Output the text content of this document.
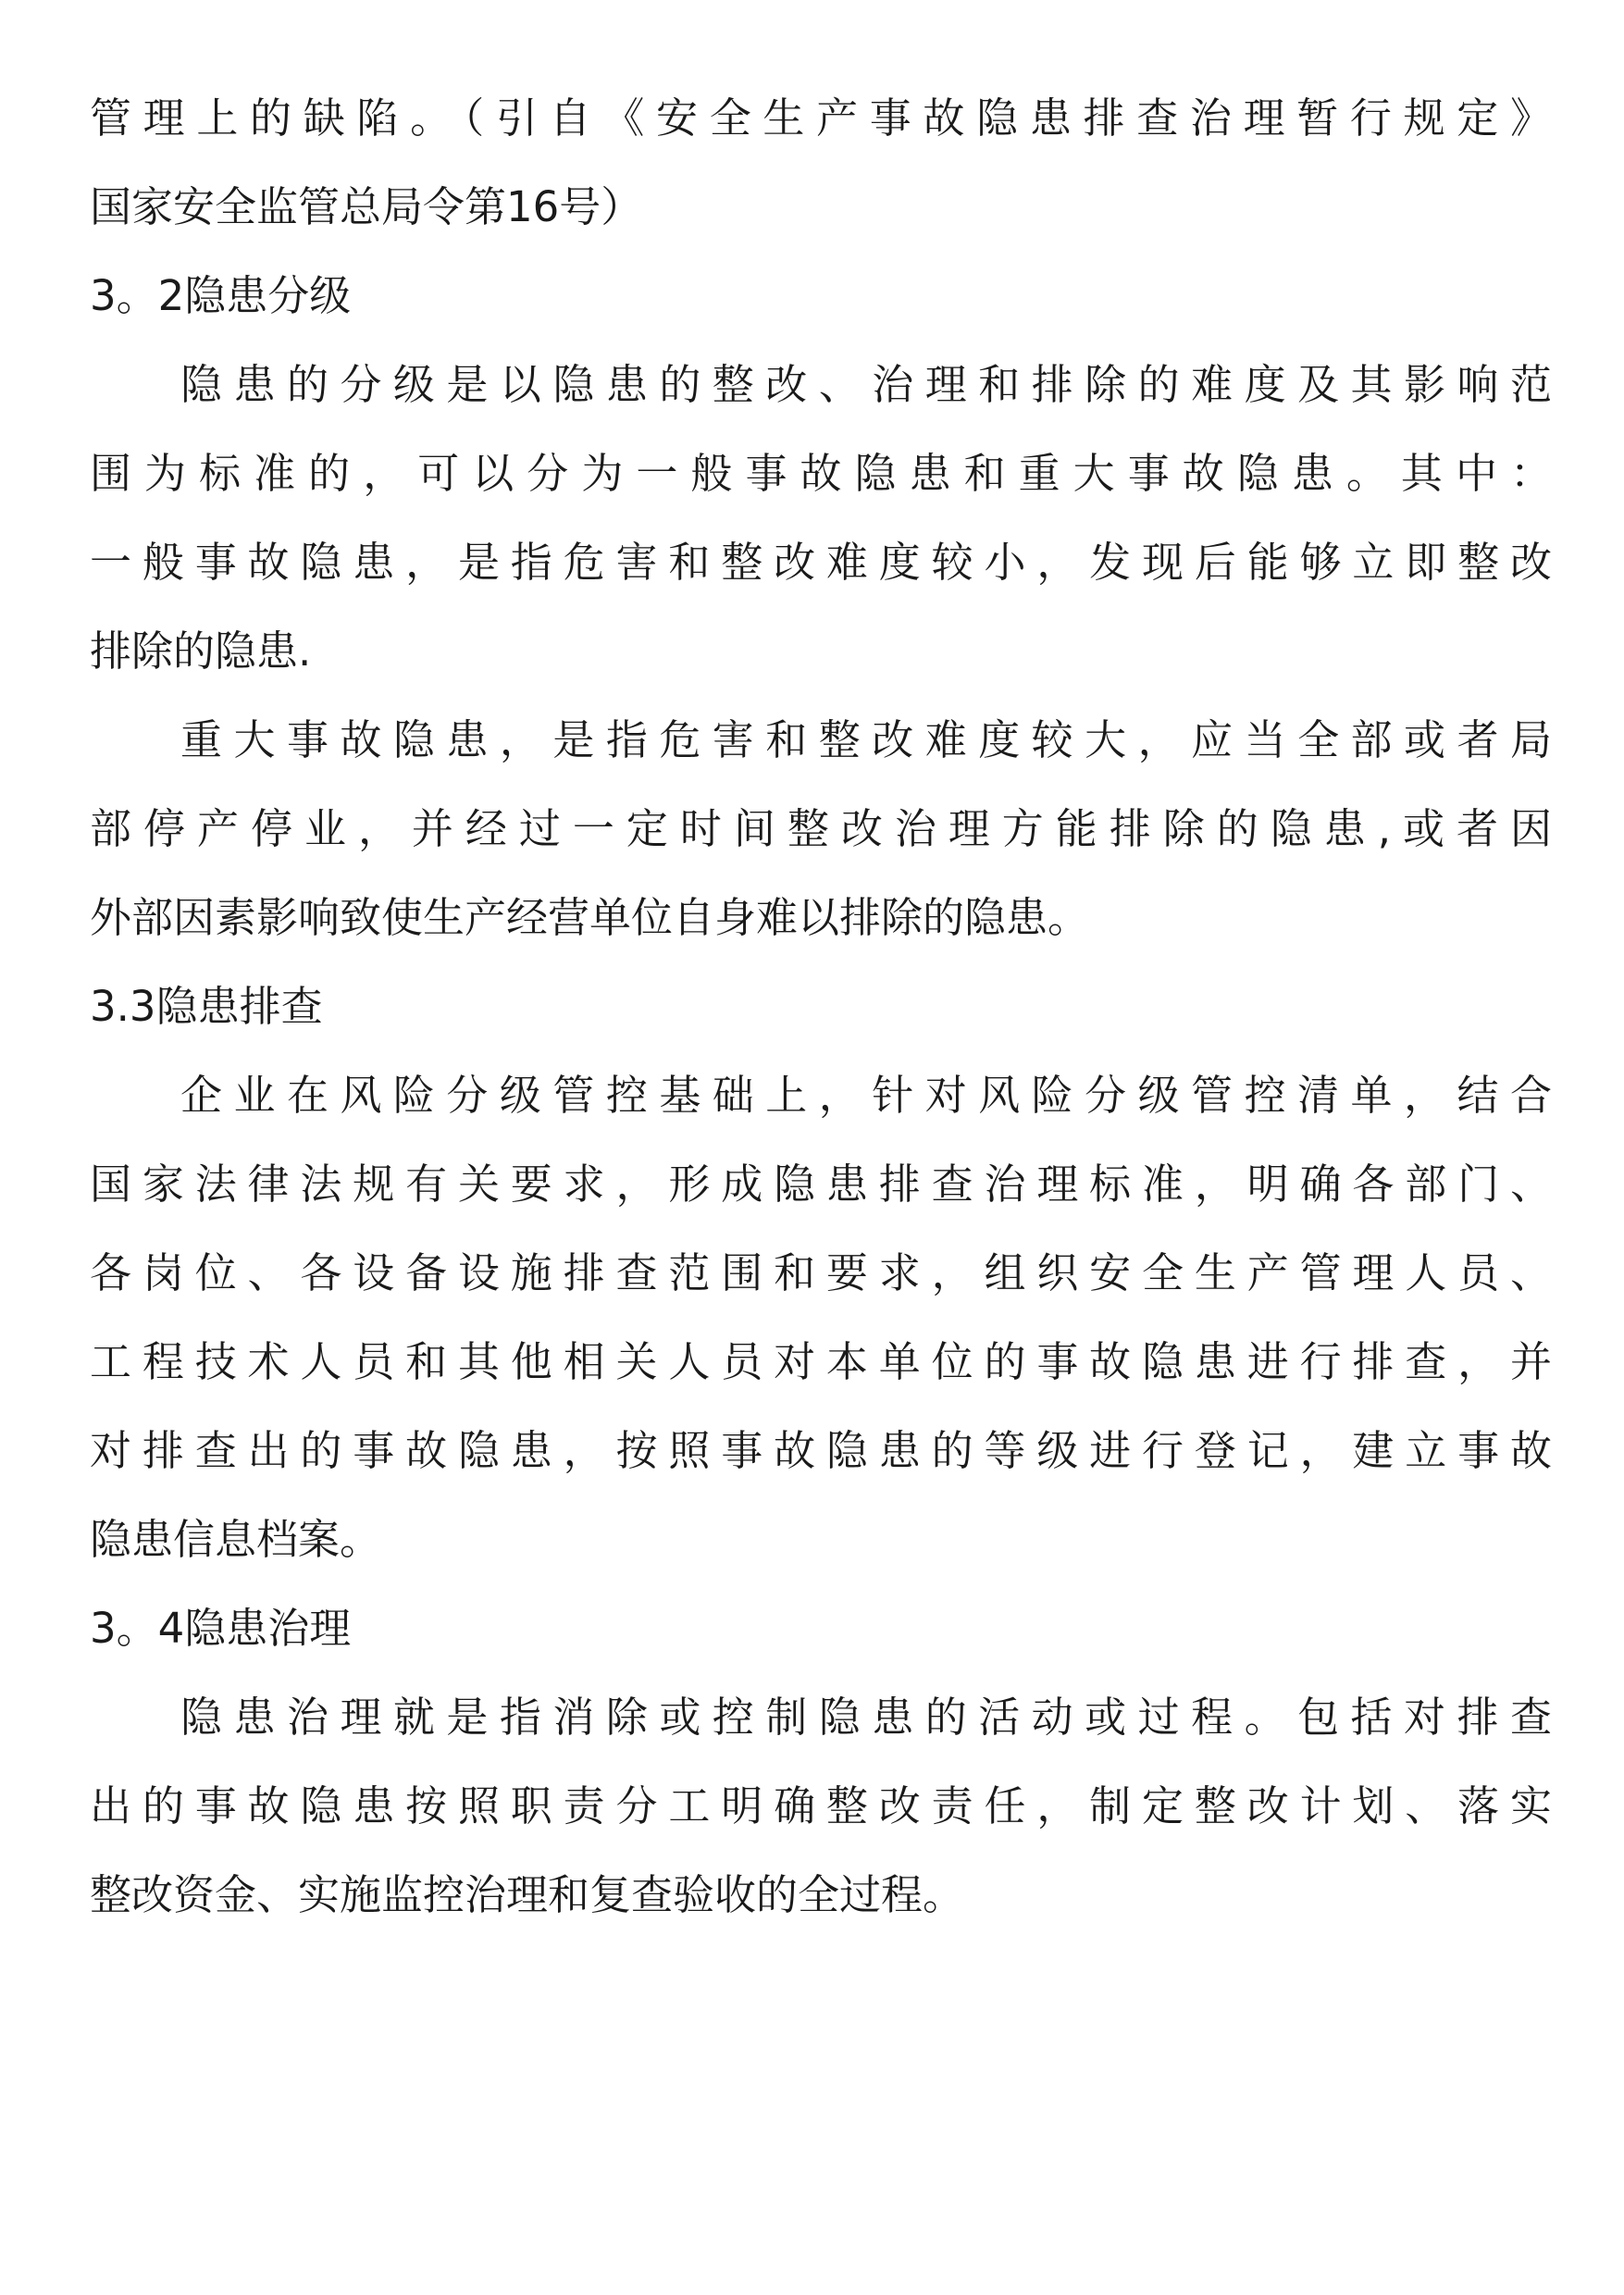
管理上的缺陷。（引自《安全生产事故隐患排查治理暂行规定》
国家安全监管总局令第16号）
3。2隐患分级
隐患的分级是以隐患的整改、治理和排除的难度及其影响范
围为标准的，可以分为一般事故隐患和重大事故隐患。其中：
一般事故隐患，是指危害和整改难度较小，发现后能够立即整改
排除的隐患.
重大事故隐患，是指危害和整改难度较大，应当全部或者局
部停产停业，并经过一定时间整改治理方能排除的隐患,或者因
外部因素影响致使生产经营单位自身难以排除的隐患。
3.3隐患排查
企业在风险分级管控基础上，针对风险分级管控清单，结合
国家法律法规有关要求，形成隐患排查治理标准，明确各部门、
各岗位、各设备设施排查范围和要求，组织安全生产管理人员、
工程技术人员和其他相关人员对本单位的事故隐患进行排查，并
对排查出的事故隐患，按照事故隐患的等级进行登记，建立事故
隐患信息档案。
3。4隐患治理
隐患治理就是指消除或控制隐患的活动或过程。包括对排查
出的事故隐患按照职责分工明确整改责任，制定整改计划、落实
整改资金、实施监控治理和复查验收的全过程。
